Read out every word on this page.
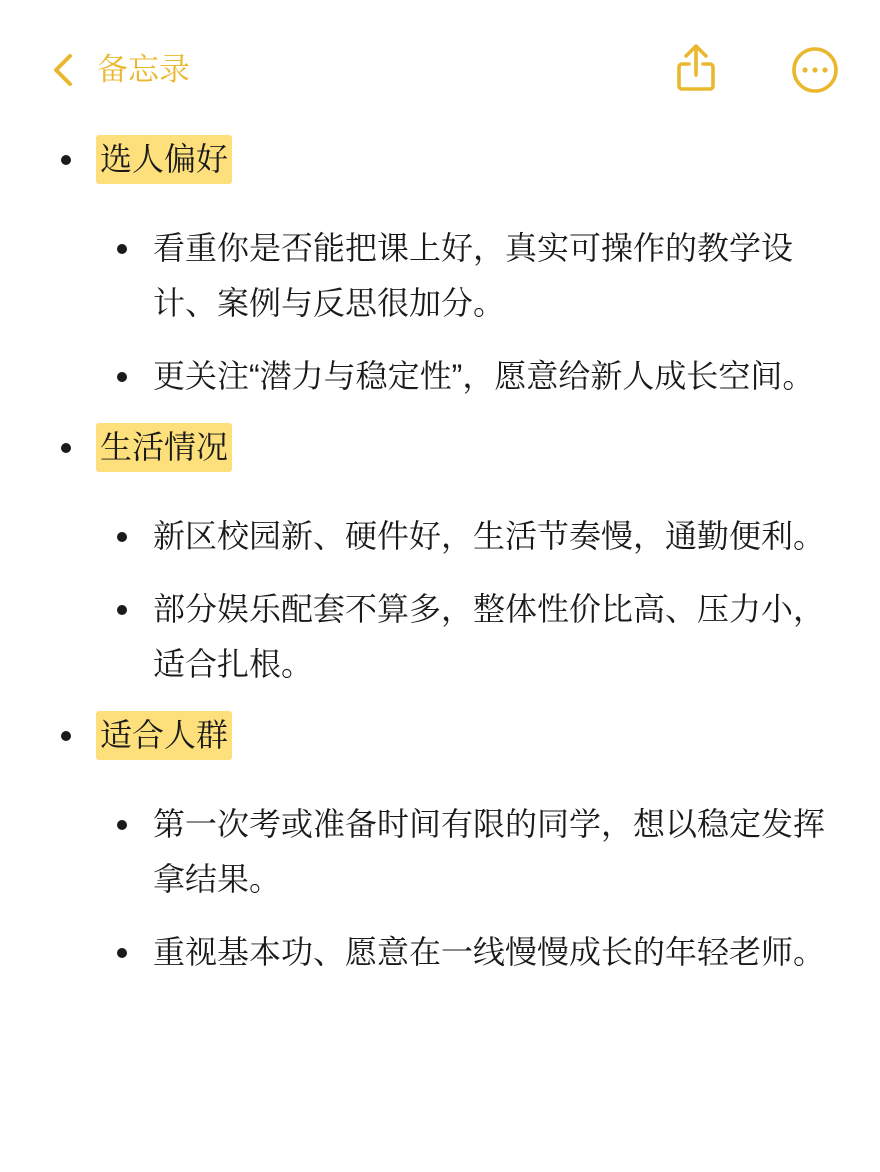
备忘录
选人偏好
看重你是否能把课上好，真实可操作的教学设计、案例与反思很加分。
更关注“潜力与稳定性”，愿意给新人成长空间。
生活情况
新区校园新、硬件好，生活节奏慢，通勤便利。
部分娱乐配套不算多，整体性价比高、压力小，适合扎根。
适合人群
第一次考或准备时间有限的同学，想以稳定发挥拿结果。
重视基本功、愿意在一线慢慢成长的年轻老师。
